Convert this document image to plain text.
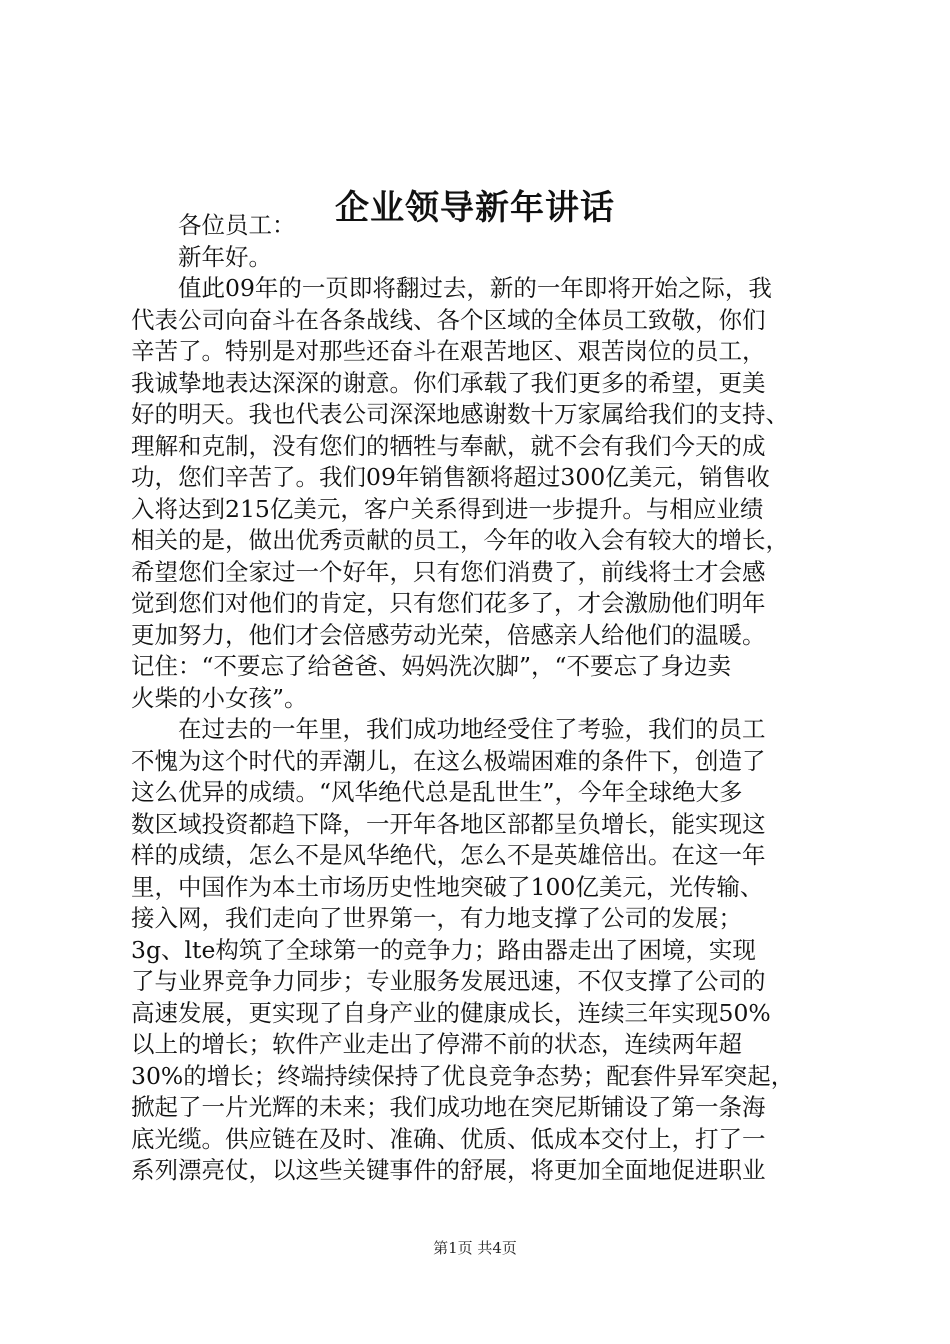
企业领导新年讲话
各位员工：
新年好。
值此09年的一页即将翻过去，新的一年即将开始之际，我
代表公司向奋斗在各条战线、各个区域的全体员工致敬，你们
辛苦了。特别是对那些还奋斗在艰苦地区、艰苦岗位的员工，
我诚挚地表达深深的谢意。你们承载了我们更多的希望，更美
好的明天。我也代表公司深深地感谢数十万家属给我们的支持、
理解和克制，没有您们的牺牲与奉献，就不会有我们今天的成
功，您们辛苦了。我们09年销售额将超过300亿美元，销售收
入将达到215亿美元，客户关系得到进一步提升。与相应业绩
相关的是，做出优秀贡献的员工，今年的收入会有较大的增长，
希望您们全家过一个好年，只有您们消费了，前线将士才会感
觉到您们对他们的肯定，只有您们花多了，才会激励他们明年
更加努力，他们才会倍感劳动光荣，倍感亲人给他们的温暖。
记住：“不要忘了给爸爸、妈妈洗次脚”，“不要忘了身边卖
火柴的小女孩”。
在过去的一年里，我们成功地经受住了考验，我们的员工
不愧为这个时代的弄潮儿，在这么极端困难的条件下，创造了
这么优异的成绩。“风华绝代总是乱世生”，今年全球绝大多
数区域投资都趋下降，一开年各地区部都呈负增长，能实现这
样的成绩，怎么不是风华绝代，怎么不是英雄倍出。在这一年
里，中国作为本土市场历史性地突破了100亿美元，光传输、
接入网，我们走向了世界第一，有力地支撑了公司的发展；
3g、lte构筑了全球第一的竞争力；路由器走出了困境，实现
了与业界竞争力同步；专业服务发展迅速，不仅支撑了公司的
高速发展，更实现了自身产业的健康成长，连续三年实现50%
以上的增长；软件产业走出了停滞不前的状态，连续两年超
30%的增长；终端持续保持了优良竞争态势；配套件异军突起，
掀起了一片光辉的未来；我们成功地在突尼斯铺设了第一条海
底光缆。供应链在及时、准确、优质、低成本交付上，打了一
系列漂亮仗，以这些关键事件的舒展，将更加全面地促进职业
第1页 共4页
